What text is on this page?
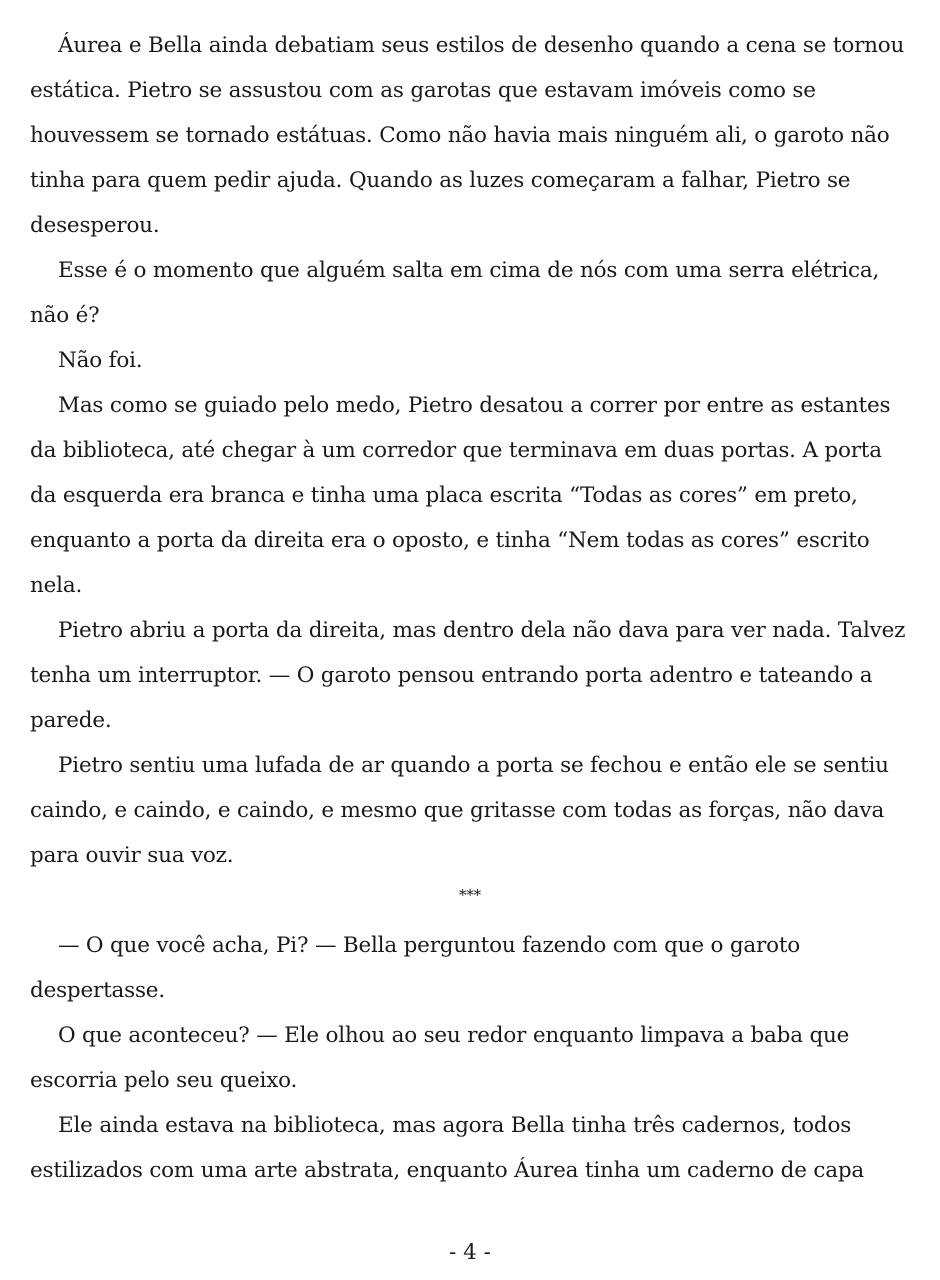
Áurea e Bella ainda debatiam seus estilos de desenho quando a cena se tornou estática. Pietro se assustou com as garotas que estavam imóveis como se houvessem se tornado estátuas. Como não havia mais ninguém ali, o garoto não tinha para quem pedir ajuda. Quando as luzes começaram a falhar, Pietro se desesperou.

Esse é o momento que alguém salta em cima de nós com uma serra elétrica, não é?

Não foi.

Mas como se guiado pelo medo, Pietro desatou a correr por entre as estantes da biblioteca, até chegar à um corredor que terminava em duas portas. A porta da esquerda era branca e tinha uma placa escrita “Todas as cores” em preto, enquanto a porta da direita era o oposto, e tinha “Nem todas as cores” escrito nela.

Pietro abriu a porta da direita, mas dentro dela não dava para ver nada. Talvez tenha um interruptor. — O garoto pensou entrando porta adentro e tateando a parede.

Pietro sentiu uma lufada de ar quando a porta se fechou e então ele se sentiu caindo, e caindo, e caindo, e mesmo que gritasse com todas as forças, não dava para ouvir sua voz.

***

— O que você acha, Pi? — Bella perguntou fazendo com que o garoto despertasse.

O que aconteceu? — Ele olhou ao seu redor enquanto limpava a baba que escorria pelo seu queixo.

Ele ainda estava na biblioteca, mas agora Bella tinha três cadernos, todos estilizados com uma arte abstrata, enquanto Áurea tinha um caderno de capa

- 4 -
